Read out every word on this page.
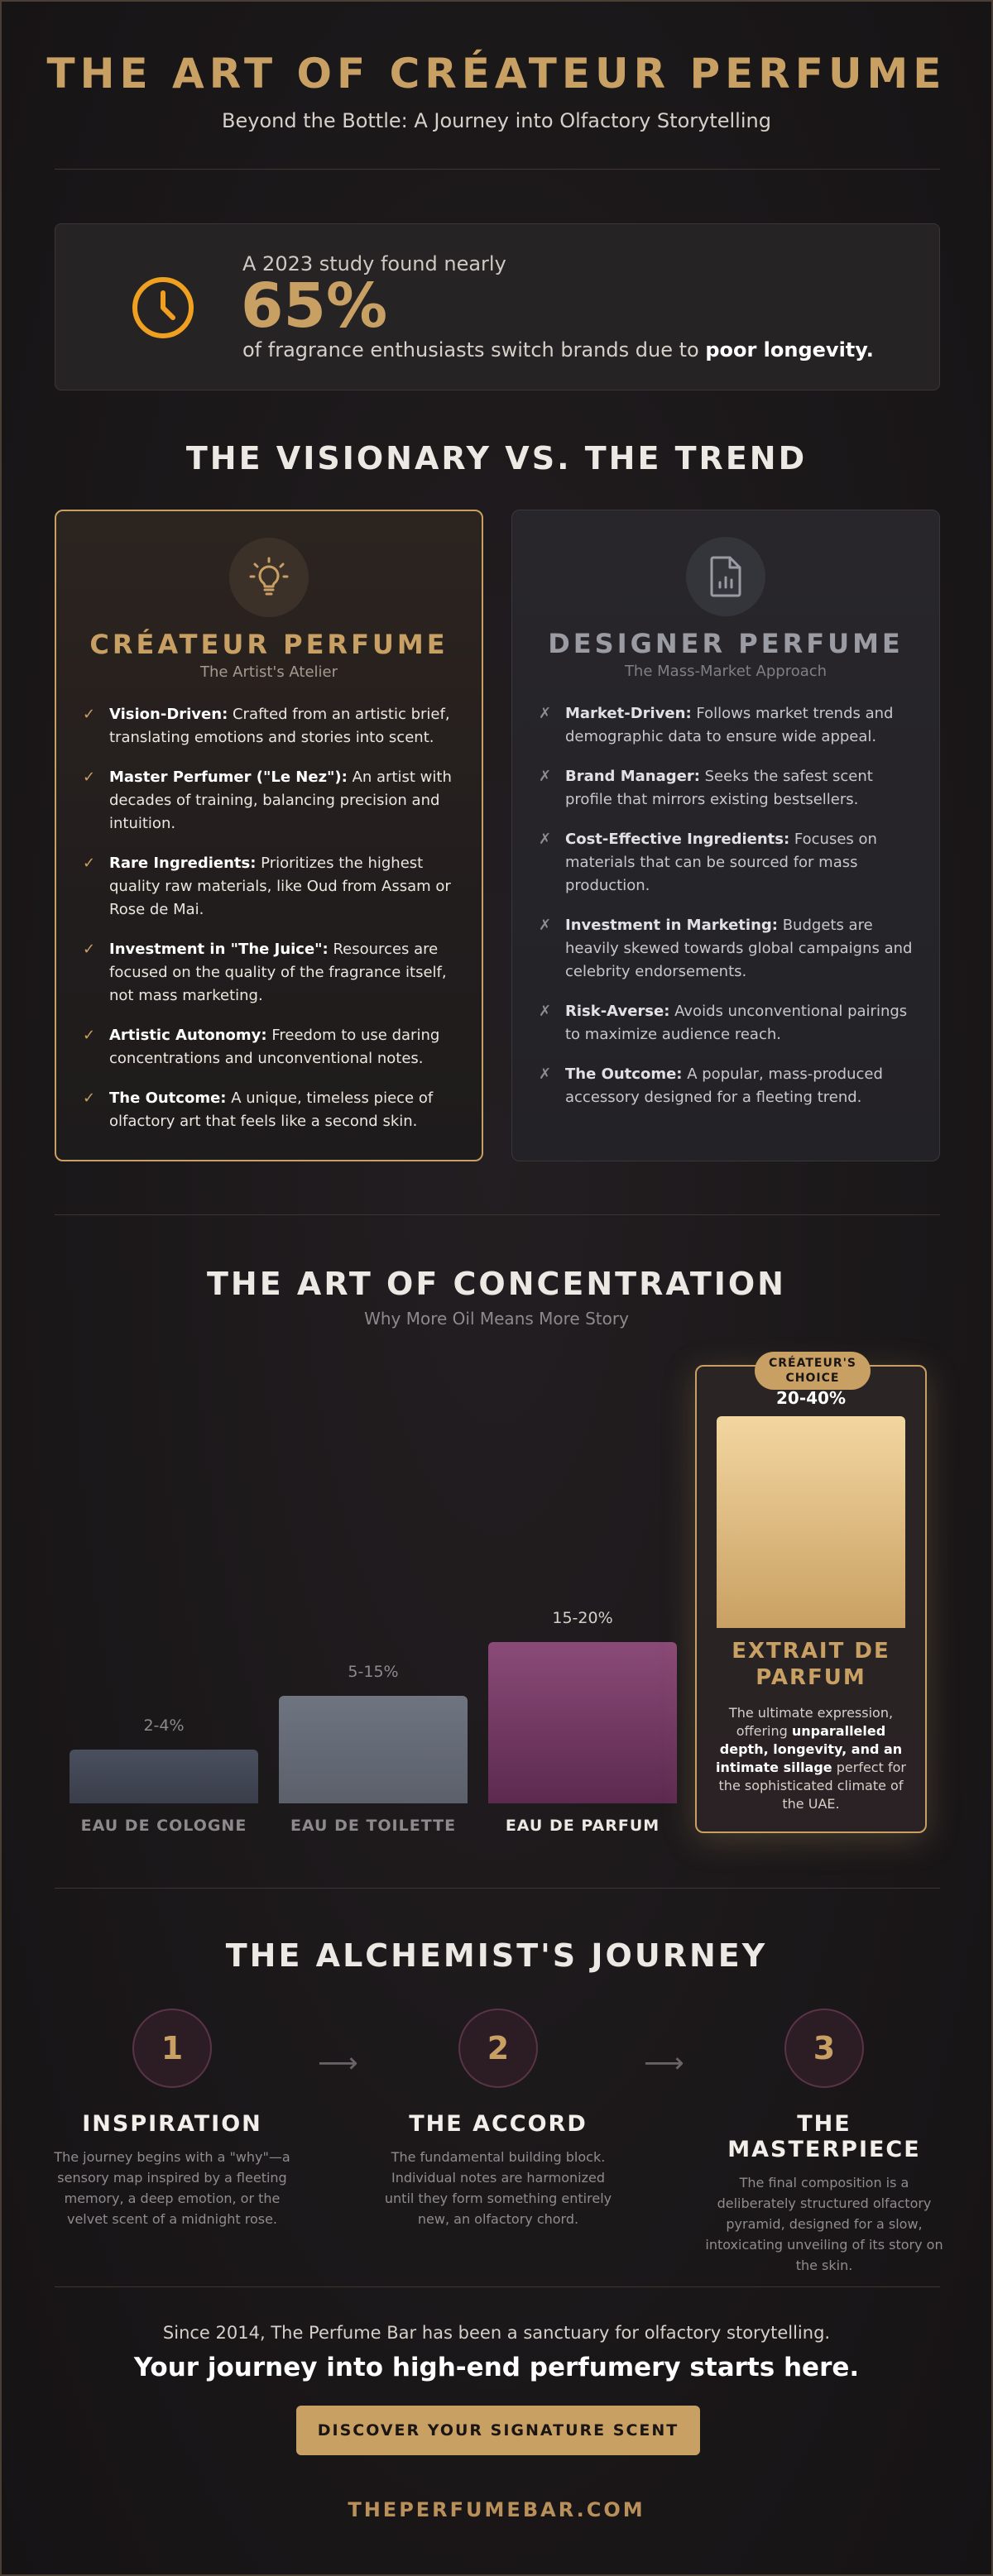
THE ART OF CRÉATEUR PERFUME
Beyond the Bottle: A Journey into Olfactory Storytelling
A 2023 study found nearly
65%
of fragrance enthusiasts switch brands due to poor longevity.
THE VISIONARY VS. THE TREND
CRÉATEUR PERFUME
The Artist's Atelier
✓ Vision-Driven: Crafted from an artistic brief, translating emotions and stories into scent.
✓ Master Perfumer ("Le Nez"): An artist with decades of training, balancing precision and intuition.
✓ Rare Ingredients: Prioritizes the highest quality raw materials, like Oud from Assam or Rose de Mai.
✓ Investment in "The Juice": Resources are focused on the quality of the fragrance itself, not mass marketing.
✓ Artistic Autonomy: Freedom to use daring concentrations and unconventional notes.
✓ The Outcome: A unique, timeless piece of olfactory art that feels like a second skin.
DESIGNER PERFUME
The Mass-Market Approach
✗ Market-Driven: Follows market trends and demographic data to ensure wide appeal.
✗ Brand Manager: Seeks the safest scent profile that mirrors existing bestsellers.
✗ Cost-Effective Ingredients: Focuses on materials that can be sourced for mass production.
✗ Investment in Marketing: Budgets are heavily skewed towards global campaigns and celebrity endorsements.
✗ Risk-Averse: Avoids unconventional pairings to maximize audience reach.
✗ The Outcome: A popular, mass-produced accessory designed for a fleeting trend.
THE ART OF CONCENTRATION
Why More Oil Means More Story
2-4%
EAU DE COLOGNE
5-15%
EAU DE TOILETTE
15-20%
EAU DE PARFUM
CRÉATEUR'S
CHOICE
20-40%
EXTRAIT DE
PARFUM
The ultimate expression, offering unparalleled depth, longevity, and an intimate sillage perfect for the sophisticated climate of the UAE.
THE ALCHEMIST'S JOURNEY
1
INSPIRATION
The journey begins with a "why"—a sensory map inspired by a fleeting memory, a deep emotion, or the velvet scent of a midnight rose.
⟶	2
THE ACCORD
The fundamental building block. Individual notes are harmonized until they form something entirely new, an olfactory chord.
⟶	3
THE MASTERPIECE
The final composition is a deliberately structured olfactory pyramid, designed for a slow, intoxicating unveiling of its story on the skin.
Since 2014, The Perfume Bar has been a sanctuary for olfactory storytelling.
Your journey into high-end perfumery starts here.
DISCOVER YOUR SIGNATURE SCENT
THEPERFUMEBAR.COM
